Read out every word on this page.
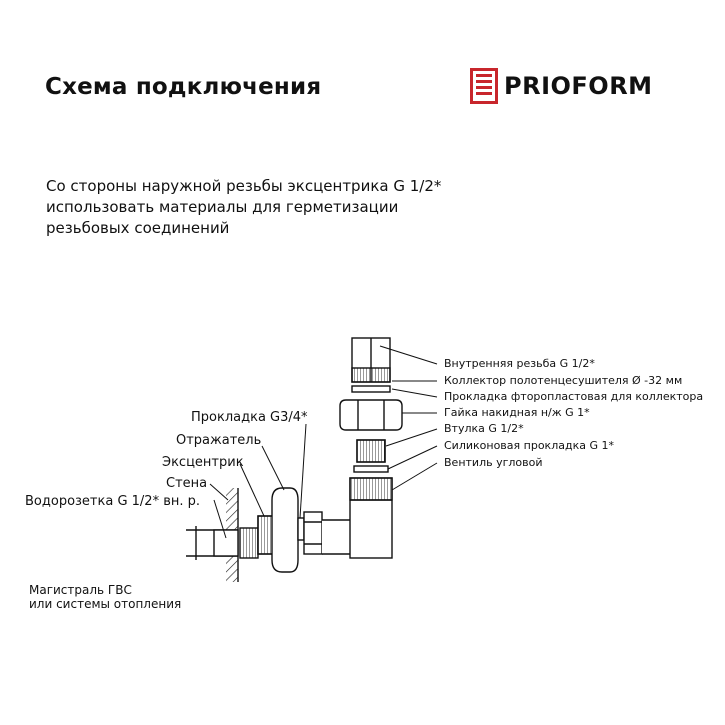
Схема подключения	PRIOFORM
Со стороны наружной резьбы эксцентрика G 1/2*
использовать материалы для герметизации
резьбовых соединений
Прокладка G3/4*
Отражатель
Эксцентрик
Стена
Водорозетка G 1/2* вн. р.
Внутренняя резьба G 1/2*
Коллектор полотенцесушителя Ø -32 мм
Прокладка фторопластовая для коллектора
Гайка накидная н/ж G 1*
Втулка G 1/2*
Силиконовая прокладка G 1*
Вентиль угловой
Магистраль ГВС
или системы отопления
